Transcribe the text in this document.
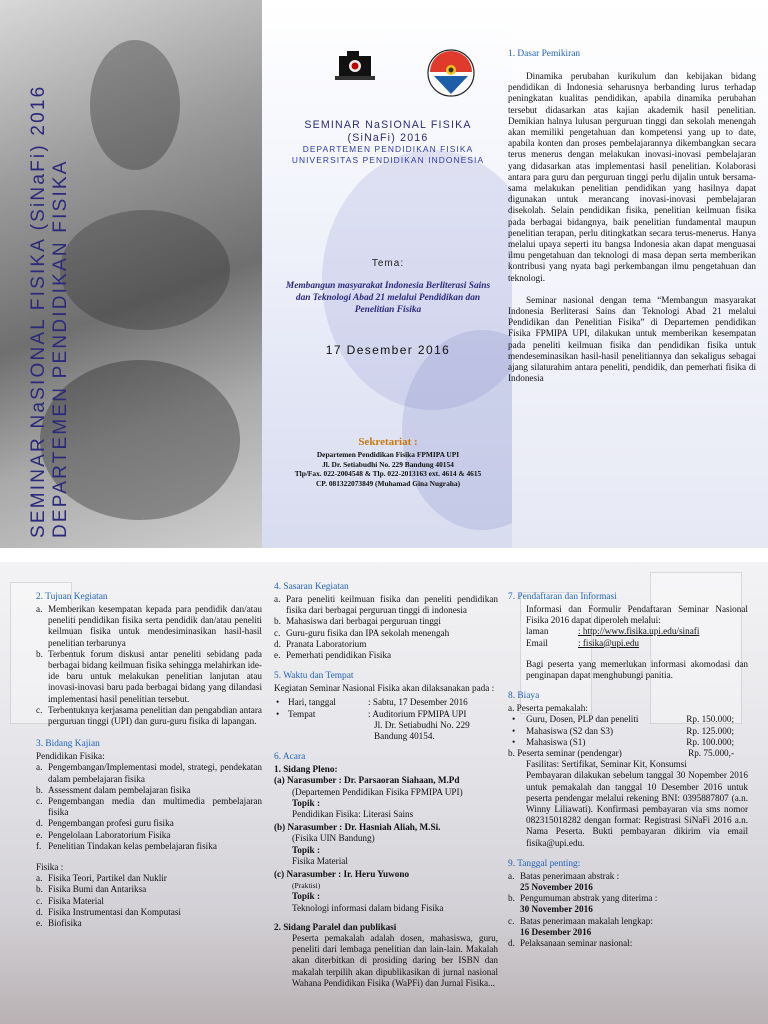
SEMINAR NaSIONAL FISIKA (SiNaFi) 2016 DEPARTEMEN PENDIDIKAN FISIKA
SEMINAR NaSIONAL FISIKA
(SiNaFi) 2016
DEPARTEMEN PENDIDIKAN FISIKA
UNIVERSITAS PENDIDIKAN INDONESIA
Tema:
Membangun masyarakat Indonesia Berliterasi Sains dan Teknologi Abad 21 melalui Pendidikan dan Penelitian Fisika
17 Desember 2016
Sekretariat :
Departemen Pendidikan Fisika FPMIPA UPI
Jl. Dr. Setiabudhi No. 229 Bandung 40154
Tlp/Fax. 022-2004548 & Tlp. 022-2013163 ext. 4614 & 4615
CP. 081322073849 (Muhamad Gina Nugraha)
1. Dasar Pemikiran
Dinamika perubahan kurikulum dan kebijakan bidang pendidikan di Indonesia seharusnya berbanding lurus terhadap peningkatan kualitas pendidikan, apabila dinamika perubahan tersebut didasarkan atas kajian akademik hasil penelitian. Demikian halnya lulusan perguruan tinggi dan sekolah menengah akan memiliki pengetahuan dan kompetensi yang up to date, apabila konten dan proses pembelajarannya dikembangkan secara terus menerus dengan melakukan inovasi-inovasi pembelajaran yang didasarkan atas implementasi hasil penelitian. Kolaborasi antara para guru dan perguruan tinggi perlu dijalin untuk bersama-sama melakukan penelitian pendidikan yang hasilnya dapat digunakan untuk merancang inovasi-inovasi pembelajaran disekolah. Selain pendidikan fisika, penelitian keilmuan fisika pada berbagai bidangnya, baik penelitian fundamental maupun penelitian terapan, perlu ditingkatkan secara terus-menerus. Hanya melalui upaya seperti itu bangsa Indonesia akan dapat menguasai ilmu pengetahuan dan teknologi di masa depan serta memberikan kontribusi yang nyata bagi perkembangan ilmu pengetahuan dan teknologi.
Seminar nasional dengan tema “Membangun masyarakat Indonesia Berliterasi Sains dan Teknologi Abad 21 melalui Pendidikan dan Penelitian Fisika” di Departemen pendidikan Fisika FPMIPA UPI, dilakukan untuk memberikan kesempatan pada peneliti keilmuan fisika dan pendidikan fisika untuk mendeseminasikan hasil-hasil penelitiannya dan sekaligus sebagai ajang silaturahim antara peneliti, pendidik, dan pemerhati fisika di Indonesia
2. Tujuan Kegiatan
a. Memberikan kesempatan kepada para pendidik dan/atau peneliti pendidikan fisika serta pendidik dan/atau peneliti keilmuan fisika untuk mendesiminasikan hasil-hasil penelitian terbarunya
b. Terbentuk forum diskusi antar peneliti sebidang pada berbagai bidang keilmuan fisika sehingga melahirkan ide-ide baru untuk melakukan penelitian lanjutan atau inovasi-inovasi baru pada berbagai bidang yang dilandasi implementasi hasil penelitian tersebut.
c. Terbentuknya kerjasama penelitian dan pengabdian antara perguruan tinggi (UPI) dan guru-guru fisika di lapangan.
3. Bidang Kajian
Pendidikan Fisika:
a. Pengembangan/Implementasi model, strategi, pendekatan dalam pembelajaran fisika
b. Assessment dalam pembelajaran fisika
c. Pengembangan media dan multimedia pembelajaran fisika
d. Pengembangan profesi guru fisika
e. Pengelolaan Laboratorium Fisika
f. Penelitian Tindakan kelas pembelajaran fisika
Fisika :
a. Fisika Teori, Partikel dan Nuklir
b. Fisika Bumi dan Antariksa
c. Fisika Material
d. Fisika Instrumentasi dan Komputasi
e. Biofisika
4. Sasaran Kegiatan
a. Para peneliti keilmuan fisika dan peneliti pendidikan fisika dari berbagai perguruan tinggi di indonesia
b. Mahasiswa dari berbagai perguruan tinggi
c. Guru-guru fisika dan IPA sekolah menengah
d. Pranata Laboratorium
e. Pemerhati pendidikan Fisika
5. Waktu dan Tempat
Kegiatan Seminar Nasional Fisika akan dilaksanakan pada :
• Hari, tanggal	: Sabtu, 17 Desember 2016
• Tempat	: Auditorium FPMIPA UPI
Jl. Dr. Setiabudhi No. 229
Bandung 40154.
6. Acara
1. Sidang Pleno:
(a) Narasumber : Dr. Parsaoran Siahaan, M.Pd
(Departemen Pendidikan Fisika FPMIPA UPI)
Topik :
Pendidikan Fisika: Literasi Sains
(b) Narasumber : Dr. Hasniah Aliah, M.Si.
(Fisika UIN Bandung)
Topik :
Fisika Material
(c) Narasumber : Ir. Heru Yuwono
(Praktisi)
Topik :
Teknologi informasi dalam bidang Fisika
2. Sidang Paralel dan publikasi
Peserta pemakalah adalah dosen, mahasiswa, guru, peneliti dari lembaga penelitian dan lain-lain. Makalah akan diterbitkan di prosiding daring ber ISBN dan makalah terpilih akan dipublikasikan di jurnal nasional Wahana Pendidikan Fisika (WaPFi) dan Jurnal Fisika...
7. Pendaftaran dan Informasi
Informasi dan Formulir Pendaftaran Seminar Nasional Fisika 2016 dapat diperoleh melalui:
laman	: http://www.fisika.upi.edu/sinafi
Email	: fisika@upi.edu
Bagi peserta yang memerlukan informasi akomodasi dan penginapan dapat menghubungi panitia.
8. Biaya
a. Peserta pemakalah:
• Guru, Dosen, PLP dan peneliti	Rp. 150.000;
• Mahasiswa (S2 dan S3)	Rp. 125.000;
• Mahasiswa (S1)	Rp. 100.000;
b. Peserta seminar (pendengar)	Rp. 75.000,-
Fasilitas: Sertifikat, Seminar Kit, Konsumsi
Pembayaran dilakukan sebelum tanggal 30 Nopember 2016 untuk pemakalah dan tanggal 10 Desember 2016 untuk peserta pendengar melalui rekening BNI: 0395887807 (a.n. Winny Liliawati). Konfirmasi pembayaran via sms nomor 082315018282 dengan format: Registrasi SiNaFi 2016 a.n. Nama Peserta. Bukti pembayaran dikirim via email fisika@upi.edu.
9. Tanggal penting:
a. Batas penerimaan abstrak :
25 November 2016
b. Pengumuman abstrak yang diterima :
30 November 2016
c. Batas penerimaan makalah lengkap:
16 Desember 2016
d. Pelaksanaan seminar nasional:
